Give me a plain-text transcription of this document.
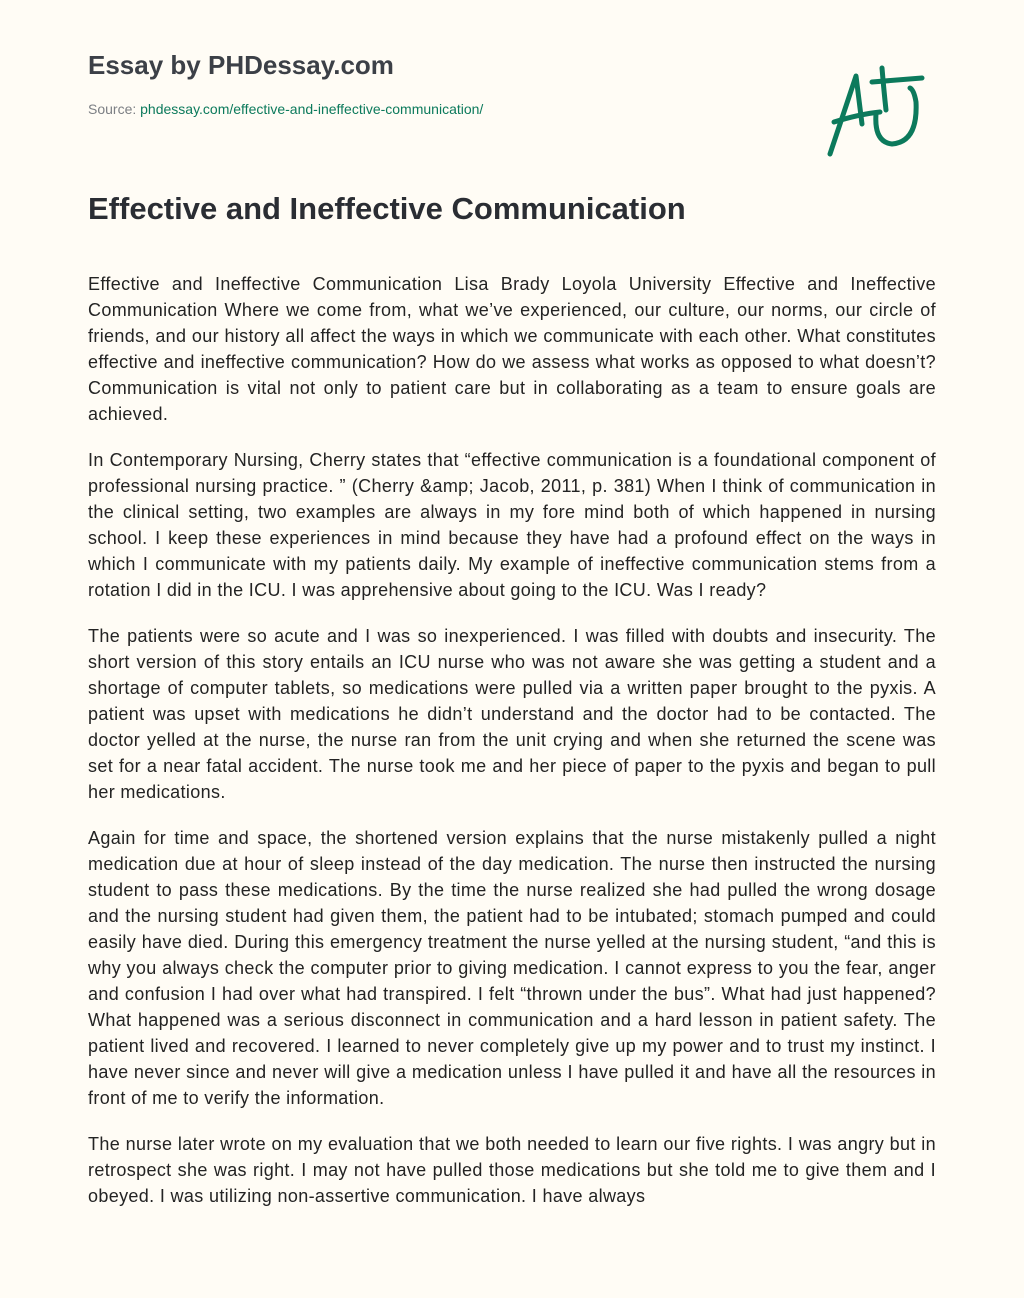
Essay by PHDessay.com
Source: phdessay.com/effective-and-ineffective-communication/
Effective and Ineffective Communication

Effective and Ineffective Communication Lisa Brady Loyola University Effective and Ineffective Communication Where we come from, what we’ve experienced, our culture, our norms, our circle of friends, and our history all affect the ways in which we communicate with each other. What constitutes effective and ineffective communication? How do we assess what works as opposed to what doesn’t? Communication is vital not only to patient care but in collaborating as a team to ensure goals are achieved.

In Contemporary Nursing, Cherry states that “effective communication is a foundational component of professional nursing practice. ” (Cherry &amp; Jacob, 2011, p. 381) When I think of communication in the clinical setting, two examples are always in my fore mind both of which happened in nursing school. I keep these experiences in mind because they have had a profound effect on the ways in which I communicate with my patients daily. My example of ineffective communication stems from a rotation I did in the ICU. I was apprehensive about going to the ICU. Was I ready?

The patients were so acute and I was so inexperienced. I was filled with doubts and insecurity. The short version of this story entails an ICU nurse who was not aware she was getting a student and a shortage of computer tablets, so medications were pulled via a written paper brought to the pyxis. A patient was upset with medications he didn’t understand and the doctor had to be contacted. The doctor yelled at the nurse, the nurse ran from the unit crying and when she returned the scene was set for a near fatal accident. The nurse took me and her piece of paper to the pyxis and began to pull her medications.

Again for time and space, the shortened version explains that the nurse mistakenly pulled a night medication due at hour of sleep instead of the day medication. The nurse then instructed the nursing student to pass these medications. By the time the nurse realized she had pulled the wrong dosage and the nursing student had given them, the patient had to be intubated; stomach pumped and could easily have died. During this emergency treatment the nurse yelled at the nursing student, “and this is why you always check the computer prior to giving medication. I cannot express to you the fear, anger and confusion I had over what had transpired. I felt “thrown under the bus”. What had just happened? What happened was a serious disconnect in communication and a hard lesson in patient safety. The patient lived and recovered. I learned to never completely give up my power and to trust my instinct. I have never since and never will give a medication unless I have pulled it and have all the resources in front of me to verify the information.

The nurse later wrote on my evaluation that we both needed to learn our five rights. I was angry but in retrospect she was right. I may not have pulled those medications but she told me to give them and I obeyed. I was utilizing non-assertive communication. I have always
